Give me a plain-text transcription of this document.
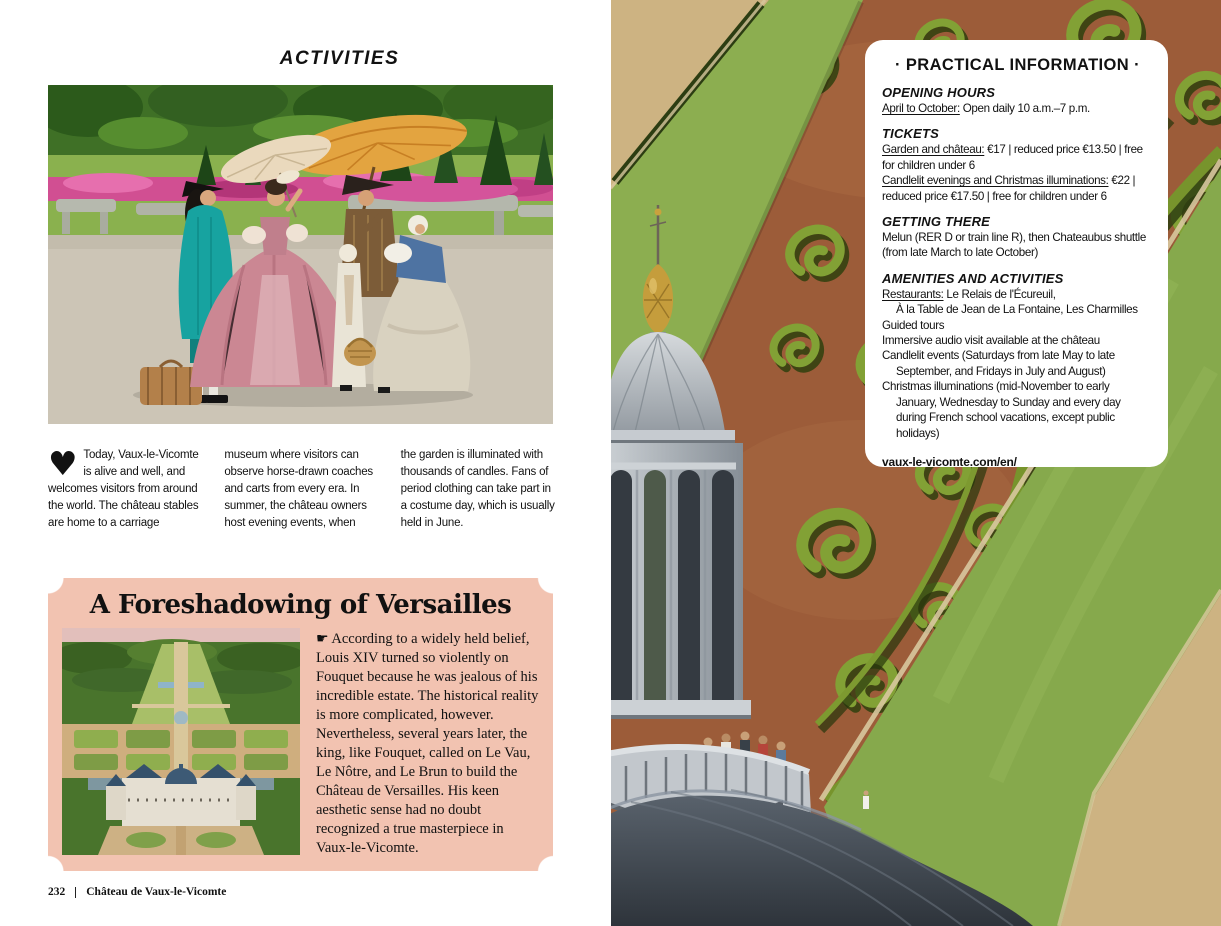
ACTIVITIES
♥ Today, Vaux-le-Vicomte is alive and well, and welcomes visitors from around the world. The château stables are home to a carriage
museum where visitors can observe horse-drawn coaches and carts from every era. In summer, the château owners host evening events, when
the garden is illuminated with thousands of candles. Fans of period clothing can take part in a costume day, which is usually held in June.
A Foreshadowing of Versailles

☛ According to a widely held belief, Louis XIV turned so violently on Fouquet because he was jealous of his incredible estate. The historical reality is more complicated, however. Nevertheless, several years later, the king, like Fouquet, called on Le Vau, Le Nôtre, and Le Brun to build the Château de Versailles. His keen aesthetic sense had no doubt recognized a true masterpiece in Vaux-le-Vicomte.

232 Château de Vaux-le-Vicomte
· PRACTICAL INFORMATION ·
OPENING HOURS

April to October: Open daily 10 a.m.–7 p.m.

TICKETS

Garden and château: €17 | reduced price €13.50 | free for children under 6

Candlelit evenings and Christmas illuminations: €22 | reduced price €17.50 | free for children under 6

GETTING THERE

Melun (RER D or train line R), then Chateaubus shuttle (from late March to late October)

AMENITIES AND ACTIVITIES

Restaurants: Le Relais de l'Écureuil,

À la Table de Jean de La Fontaine, Les Charmilles

Guided tours

Immersive audio visit available at the château

Candlelit events (Saturdays from late May to late September, and Fridays in July and August)

Christmas illuminations (mid-November to early January, Wednesday to Sunday and every day during French school vacations, except public holidays)

vaux-le-vicomte.com/en/
